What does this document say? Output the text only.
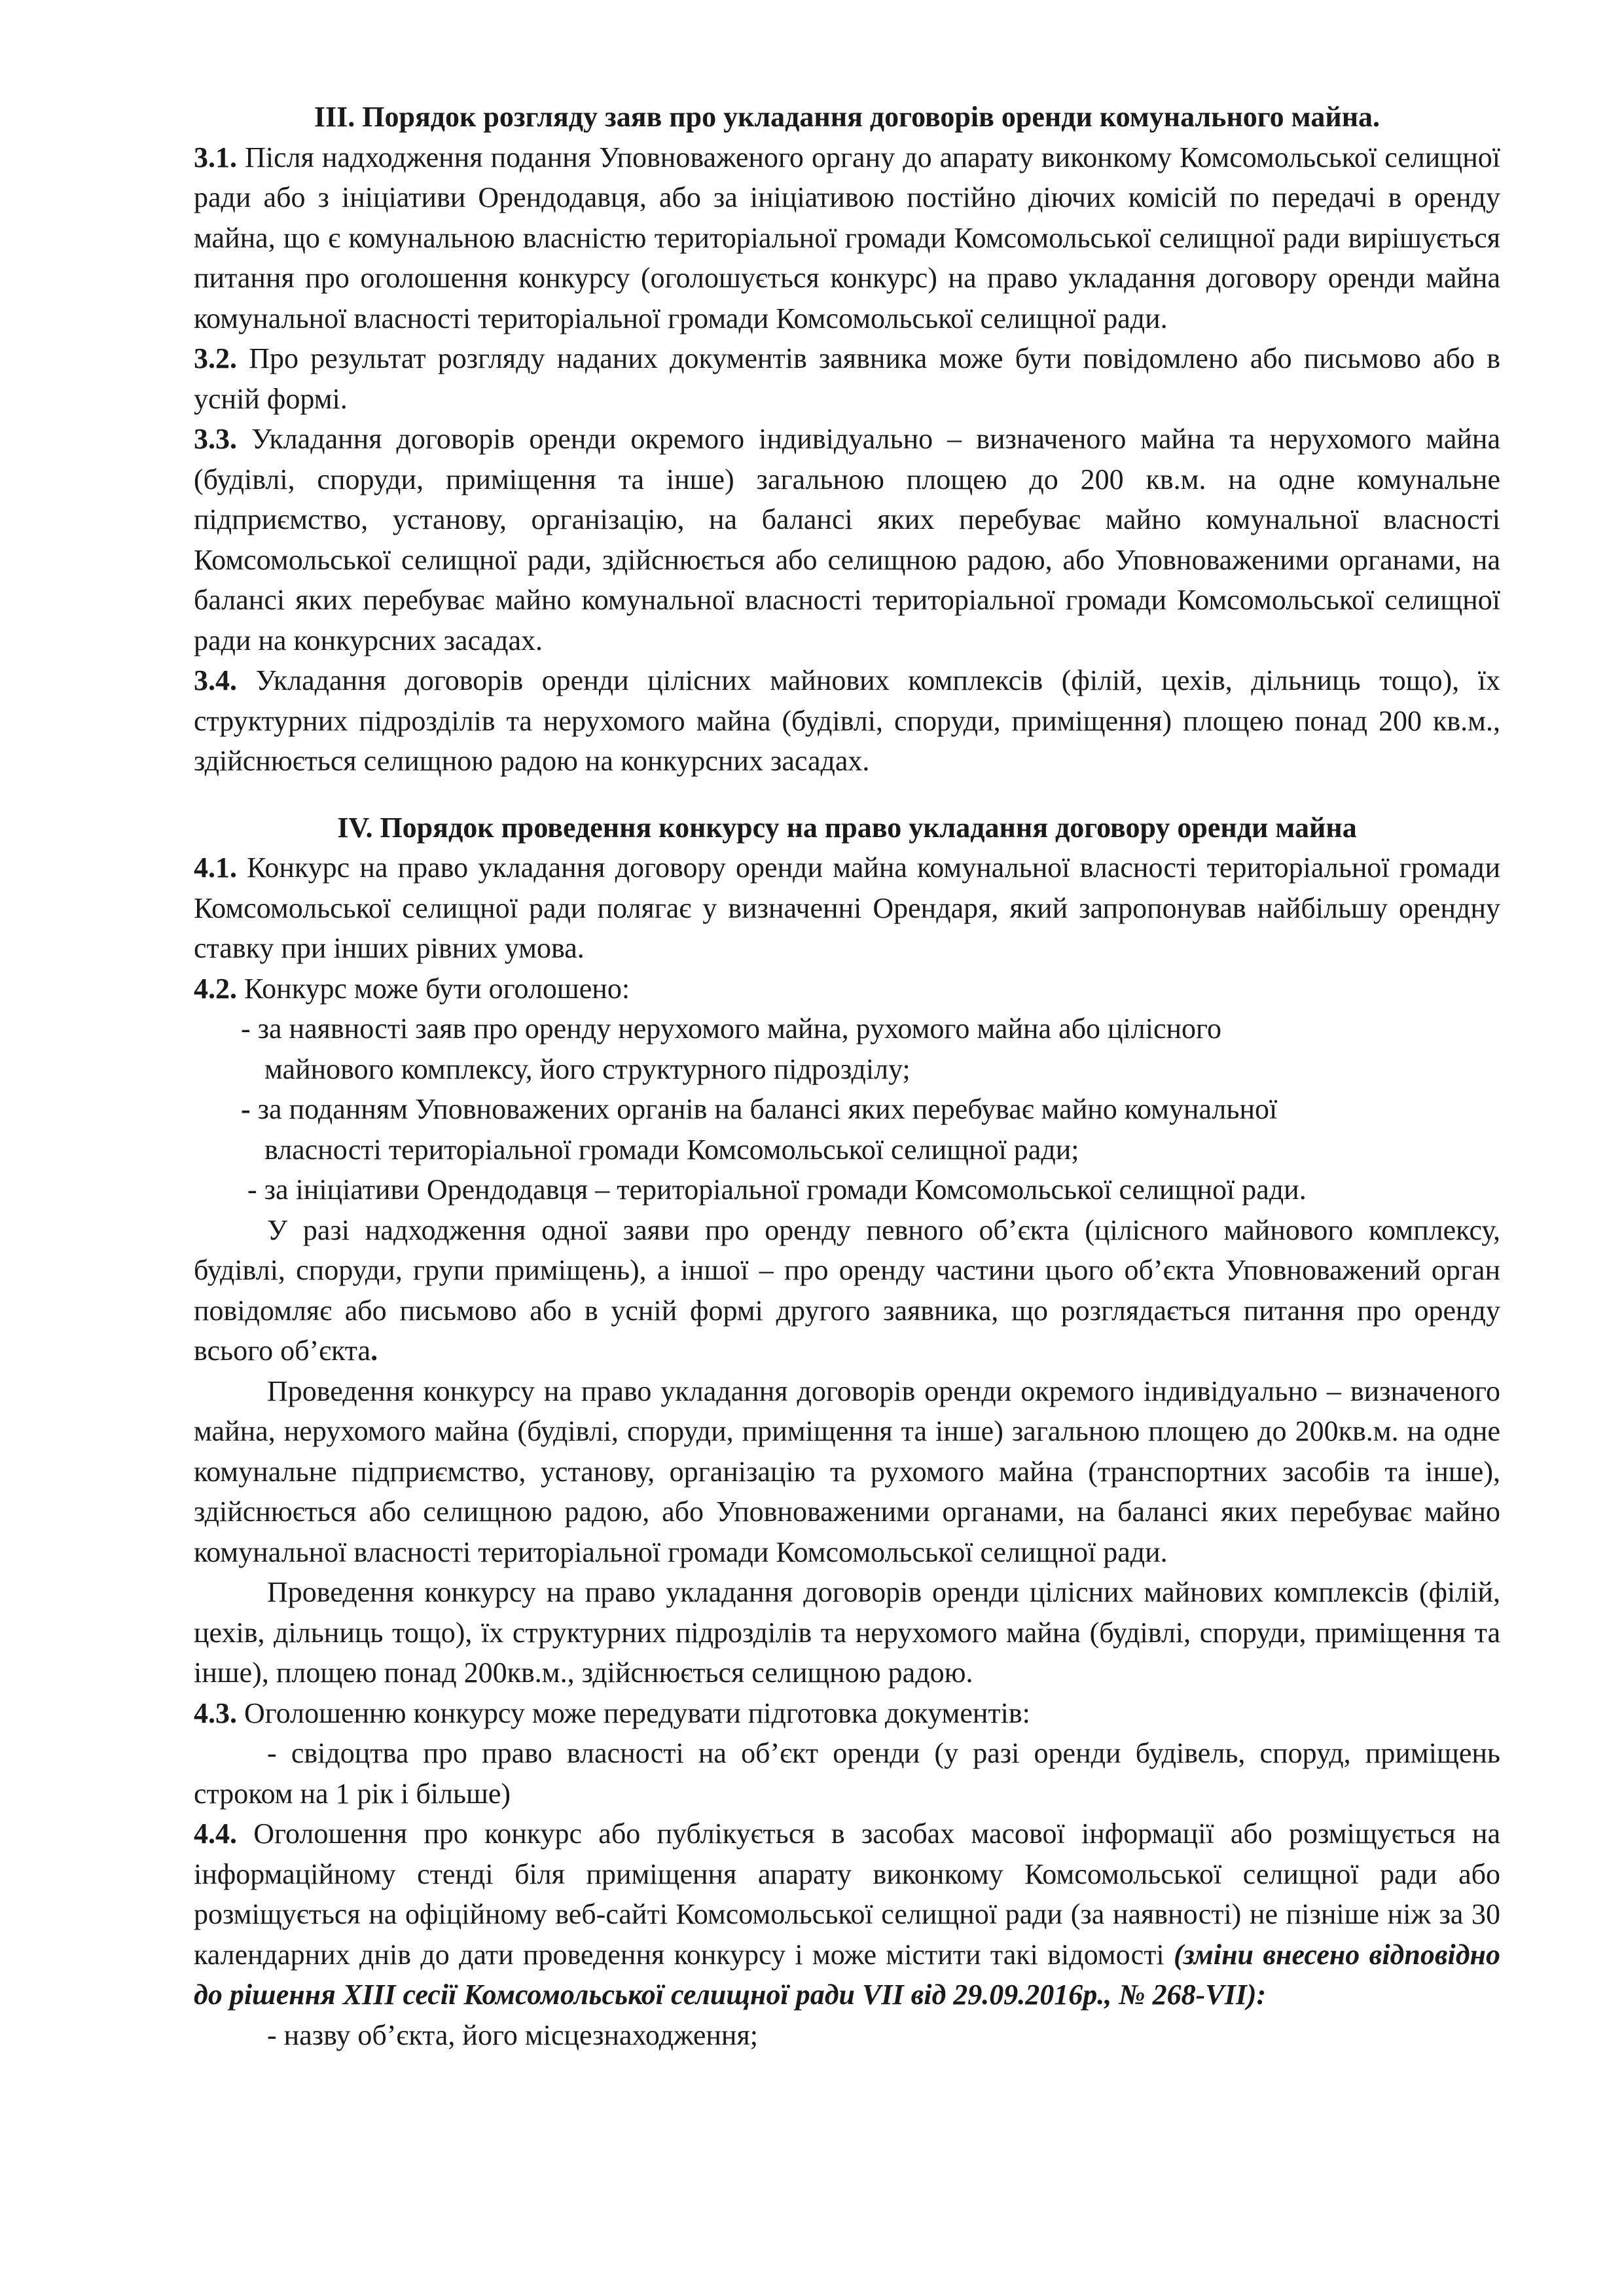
ІІІ. Порядок розгляду заяв про укладання договорів оренди комунального майна.

3.1. Після надходження подання Уповноваженого органу до апарату виконкому Комсомольської селищної ради або з ініціативи Орендодавця, або за ініціативою постійно діючих комісій по передачі в оренду майна, що є комунальною власністю територіальної громади Комсомольської селищної ради вирішується питання про оголошення конкурсу (оголошується конкурс) на право укладання договору оренди майна комунальної власності територіальної громади Комсомольської селищної ради.

3.2. Про результат розгляду наданих документів заявника може бути повідомлено або письмово або в усній формі.

3.3. Укладання договорів оренди окремого індивідуально – визначеного майна та нерухомого майна (будівлі, споруди, приміщення та інше) загальною площею до 200 кв.м. на одне комунальне підприємство, установу, організацію, на балансі яких перебуває майно комунальної власності Комсомольської селищної ради, здійснюється або селищною радою, або Уповноваженими органами, на балансі яких перебуває майно комунальної власності територіальної громади Комсомольської селищної ради на конкурсних засадах.

3.4. Укладання договорів оренди цілісних майнових комплексів (філій, цехів, дільниць тощо), їх структурних підрозділів та нерухомого майна (будівлі, споруди, приміщення) площею понад 200 кв.м., здійснюється селищною радою на конкурсних засадах.

IV. Порядок проведення конкурсу на право укладання договору оренди майна

4.1. Конкурс на право укладання договору оренди майна комунальної власності територіальної громади Комсомольської селищної ради полягає у визначенні Орендаря, який запропонував найбільшу орендну ставку при інших рівних умова.

4.2. Конкурс може бути оголошено:

- за наявності заяв про оренду нерухомого майна, рухомого майна або цілісного
майнового комплексу, його структурного підрозділу;

- за поданням Уповноважених органів на балансі яких перебуває майно комунальної
власності територіальної громади Комсомольської селищної ради;

- за ініціативи Орендодавця – територіальної громади Комсомольської селищної ради.

У разі надходження одної заяви про оренду певного об’єкта (цілісного майнового комплексу, будівлі, споруди, групи приміщень), а іншої – про оренду частини цього об’єкта Уповноважений орган повідомляє або письмово або в усній формі другого заявника, що розглядається питання про оренду всього об’єкта.

Проведення конкурсу на право укладання договорів оренди окремого індивідуально – визначеного майна, нерухомого майна (будівлі, споруди, приміщення та інше) загальною площею до 200кв.м. на одне комунальне підприємство, установу, організацію та рухомого майна (транспортних засобів та інше), здійснюється або селищною радою, або Уповноваженими органами, на балансі яких перебуває майно комунальної власності територіальної громади Комсомольської селищної ради.

Проведення конкурсу на право укладання договорів оренди цілісних майнових комплексів (філій, цехів, дільниць тощо), їх структурних підрозділів та нерухомого майна (будівлі, споруди, приміщення та інше), площею понад 200кв.м., здійснюється селищною радою.

4.3. Оголошенню конкурсу може передувати підготовка документів:

- свідоцтва про право власності на об’єкт оренди (у разі оренди будівель, споруд, приміщень строком на 1 рік і більше)

4.4. Оголошення про конкурс або публікується в засобах масової інформації або розміщується на інформаційному стенді біля приміщення апарату виконкому Комсомольської селищної ради або розміщується на офіційному веб-сайті Комсомольської селищної ради (за наявності) не пізніше ніж за 30 календарних днів до дати проведення конкурсу і може містити такі відомості (зміни внесено відповідно до рішення ХІІІ сесії Комсомольської селищної ради VІІ від 29.09.2016р., № 268-VІІ):

- назву об’єкта, його місцезнаходження;
